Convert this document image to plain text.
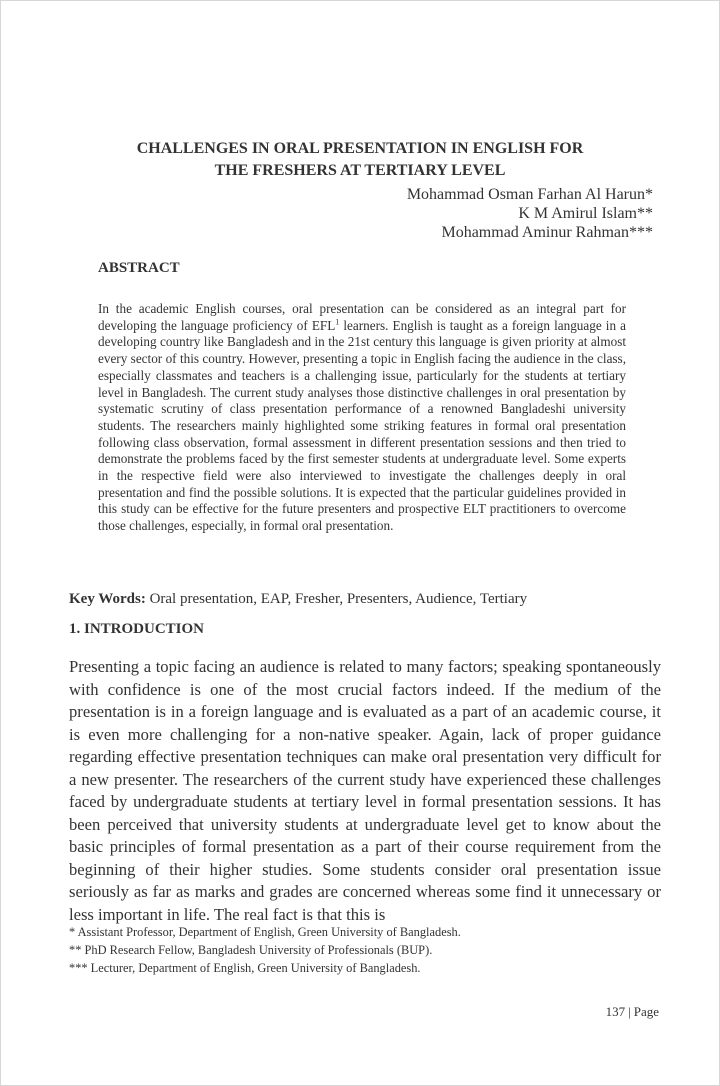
CHALLENGES IN ORAL PRESENTATION IN ENGLISH FOR
THE FRESHERS AT TERTIARY LEVEL
Mohammad Osman Farhan Al Harun*
K M Amirul Islam**
Mohammad Aminur Rahman***
ABSTRACT
In the academic English courses, oral presentation can be considered as an integral part for developing the language proficiency of EFL$^1$ learners. English is taught as a foreign language in a developing country like Bangladesh and in the 21st century this language is given priority at almost every sector of this country. However, presenting a topic in English facing the audience in the class, especially classmates and teachers is a challenging issue, particularly for the students at tertiary level in Bangladesh. The current study analyses those distinctive challenges in oral presentation by systematic scrutiny of class presentation performance of a renowned Bangladeshi university students. The researchers mainly highlighted some striking features in formal oral presentation following class observation, formal assessment in different presentation sessions and then tried to demonstrate the problems faced by the first semester students at undergraduate level. Some experts in the respective field were also interviewed to investigate the challenges deeply in oral presentation and find the possible solutions. It is expected that the particular guidelines provided in this study can be effective for the future presenters and prospective ELT practitioners to overcome those challenges, especially, in formal oral presentation.
Key Words: Oral presentation, EAP, Fresher, Presenters, Audience, Tertiary
1. INTRODUCTION
Presenting a topic facing an audience is related to many factors; speaking spontaneously with confidence is one of the most crucial factors indeed. If the medium of the presentation is in a foreign language and is evaluated as a part of an academic course, it is even more challenging for a non-native speaker. Again, lack of proper guidance regarding effective presentation techniques can make oral presentation very difficult for a new presenter. The researchers of the current study have experienced these challenges faced by undergraduate students at tertiary level in formal presentation sessions. It has been perceived that university students at undergraduate level get to know about the basic principles of formal presentation as a part of their course requirement from the beginning of their higher studies. Some students consider oral presentation issue seriously as far as marks and grades are concerned whereas some find it unnecessary or less important in life. The real fact is that this is
* Assistant Professor, Department of English, Green University of Bangladesh.
** PhD Research Fellow, Bangladesh University of Professionals (BUP).
*** Lecturer, Department of English, Green University of Bangladesh.
137 | Page
